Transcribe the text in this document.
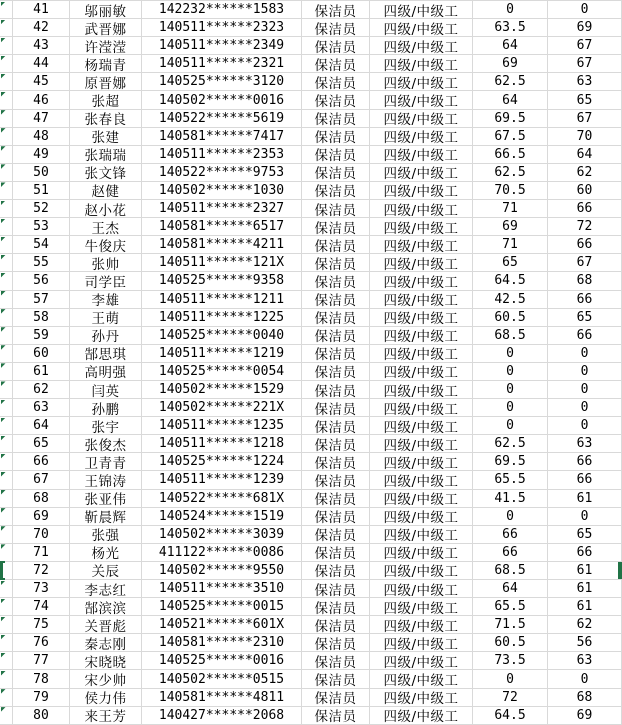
41	邬丽敏	142232******1583	保洁员	四级/中级工	0	0
42	武晋娜	140511******2323	保洁员	四级/中级工	63.5	69
43	许滢滢	140511******2349	保洁员	四级/中级工	64	67
44	杨瑞青	140511******2321	保洁员	四级/中级工	69	67
45	原晋娜	140525******3120	保洁员	四级/中级工	62.5	63
46	张超	140502******0016	保洁员	四级/中级工	64	65
47	张春良	140522******5619	保洁员	四级/中级工	69.5	67
48	张建	140581******7417	保洁员	四级/中级工	67.5	70
49	张瑞瑞	140511******2353	保洁员	四级/中级工	66.5	64
50	张文锋	140522******9753	保洁员	四级/中级工	62.5	62
51	赵健	140502******1030	保洁员	四级/中级工	70.5	60
52	赵小花	140511******2327	保洁员	四级/中级工	71	66
53	王杰	140581******6517	保洁员	四级/中级工	69	72
54	牛俊庆	140581******4211	保洁员	四级/中级工	71	66
55	张帅	140511******121X	保洁员	四级/中级工	65	67
56	司学臣	140525******9358	保洁员	四级/中级工	64.5	68
57	李雄	140511******1211	保洁员	四级/中级工	42.5	66
58	王萌	140511******1225	保洁员	四级/中级工	60.5	65
59	孙丹	140525******0040	保洁员	四级/中级工	68.5	66
60	郜思琪	140511******1219	保洁员	四级/中级工	0	0
61	高明强	140525******0054	保洁员	四级/中级工	0	0
62	闫英	140502******1529	保洁员	四级/中级工	0	0
63	孙鹏	140502******221X	保洁员	四级/中级工	0	0
64	张宇	140511******1235	保洁员	四级/中级工	0	0
65	张俊杰	140511******1218	保洁员	四级/中级工	62.5	63
66	卫青青	140525******1224	保洁员	四级/中级工	69.5	66
67	王锦涛	140511******1239	保洁员	四级/中级工	65.5	66
68	张亚伟	140522******681X	保洁员	四级/中级工	41.5	61
69	靳晨辉	140524******1519	保洁员	四级/中级工	0	0
70	张强	140502******3039	保洁员	四级/中级工	66	65
71	杨光	411122******0086	保洁员	四级/中级工	66	66
72	关辰	140502******9550	保洁员	四级/中级工	68.5	61
73	李志红	140511******3510	保洁员	四级/中级工	64	61
74	郜滨滨	140525******0015	保洁员	四级/中级工	65.5	61
75	关晋彪	140521******601X	保洁员	四级/中级工	71.5	62
76	秦志刚	140581******2310	保洁员	四级/中级工	60.5	56
77	宋晓晓	140525******0016	保洁员	四级/中级工	73.5	63
78	宋少帅	140502******0515	保洁员	四级/中级工	0	0
79	侯力伟	140581******4811	保洁员	四级/中级工	72	68
80	来王芳	140427******2068	保洁员	四级/中级工	64.5	69
